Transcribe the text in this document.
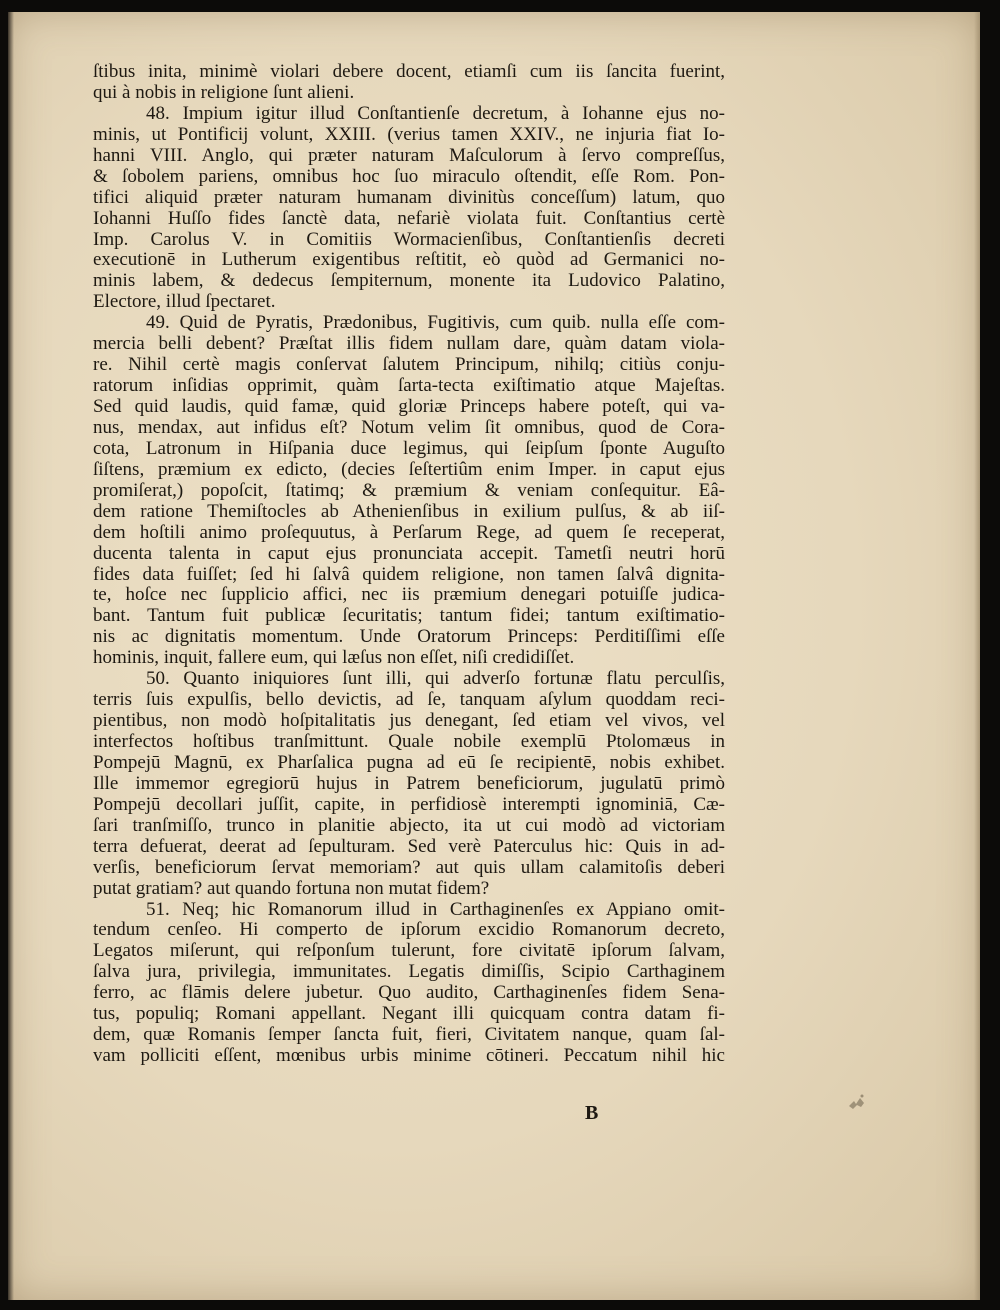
ſtibus inita, minimè violari debere docent, etiamſi cum iis ſancita fuerint,
qui à nobis in religione ſunt alieni.
48. Impium igitur illud Conſtantienſe decretum, à Iohanne ejus no-
minis, ut Pontificij volunt, XXIII. (verius tamen XXIV., ne injuria fiat Io-
hanni VIII. Anglo, qui præter naturam Maſculorum à ſervo compreſſus,
& ſobolem pariens, omnibus hoc ſuo miraculo oſtendit, eſſe Rom. Pon-
tifici aliquid præter naturam humanam divinitùs conceſſum) latum, quo
Iohanni Huſſo fides ſanctè data, nefariè violata fuit. Conſtantius certè
Imp. Carolus V. in Comitiis Wormacienſibus, Conſtantienſis decreti
executionē in Lutherum exigentibus reſtitit, eò quòd ad Germanici no-
minis labem, & dedecus ſempiternum, monente ita Ludovico Palatino,
Electore, illud ſpectaret.
49. Quid de Pyratis, Prædonibus, Fugitivis, cum quib. nulla eſſe com-
mercia belli debent? Præſtat illis fidem nullam dare, quàm datam viola-
re. Nihil certè magis conſervat ſalutem Principum, nihilq; citiùs conju-
ratorum inſidias opprimit, quàm ſarta-tecta exiſtimatio atque Majeſtas.
Sed quid laudis, quid famæ, quid gloriæ Princeps habere poteſt, qui va-
nus, mendax, aut infidus eſt? Notum velim ſit omnibus, quod de Cora-
cota, Latronum in Hiſpania duce legimus, qui ſeipſum ſponte Auguſto
ſiſtens, præmium ex edicto, (decies ſeſtertiûm enim Imper. in caput ejus
promiſerat,) popoſcit, ſtatimq; & præmium & veniam conſequitur. Eâ-
dem ratione Themiſtocles ab Athenienſibus in exilium pulſus, & ab iiſ-
dem hoſtili animo proſequutus, à Perſarum Rege, ad quem ſe receperat,
ducenta talenta in caput ejus pronunciata accepit. Tametſi neutri horū
fides data fuiſſet; ſed hi ſalvâ quidem religione, non tamen ſalvâ dignita-
te, hoſce nec ſupplicio affici, nec iis præmium denegari potuiſſe judica-
bant. Tantum fuit publicæ ſecuritatis; tantum fidei; tantum exiſtimatio-
nis ac dignitatis momentum. Unde Oratorum Princeps: Perditiſſimi eſſe
hominis, inquit, fallere eum, qui læſus non eſſet, niſi credidiſſet.
50. Quanto iniquiores ſunt illi, qui adverſo fortunæ flatu perculſis,
terris ſuis expulſis, bello devictis, ad ſe, tanquam aſylum quoddam reci-
pientibus, non modò hoſpitalitatis jus denegant, ſed etiam vel vivos, vel
interfectos hoſtibus tranſmittunt. Quale nobile exemplū Ptolomæus in
Pompejū Magnū, ex Pharſalica pugna ad eū ſe recipientē, nobis exhibet.
Ille immemor egregiorū hujus in Patrem beneficiorum, jugulatū primò
Pompejū decollari juſſit, capite, in perfidiosè interempti ignominiā, Cæ-
ſari tranſmiſſo, trunco in planitie abjecto, ita ut cui modò ad victoriam
terra defuerat, deerat ad ſepulturam. Sed verè Paterculus hic: Quis in ad-
verſis, beneficiorum ſervat memoriam? aut quis ullam calamitoſis deberi
putat gratiam? aut quando fortuna non mutat fidem?
51. Neq; hic Romanorum illud in Carthaginenſes ex Appiano omit-
tendum cenſeo. Hi comperto de ipſorum excidio Romanorum decreto,
Legatos miſerunt, qui reſponſum tulerunt, fore civitatē ipſorum ſalvam,
ſalva jura, privilegia, immunitates. Legatis dimiſſis, Scipio Carthaginem
ferro, ac flāmis delere jubetur. Quo audito, Carthaginenſes fidem Sena-
tus, populiq; Romani appellant. Negant illi quicquam contra datam fi-
dem, quæ Romanis ſemper ſancta fuit, fieri, Civitatem nanque, quam ſal-
vam polliciti eſſent, mœnibus urbis minime cōtineri. Peccatum nihil hic
B
